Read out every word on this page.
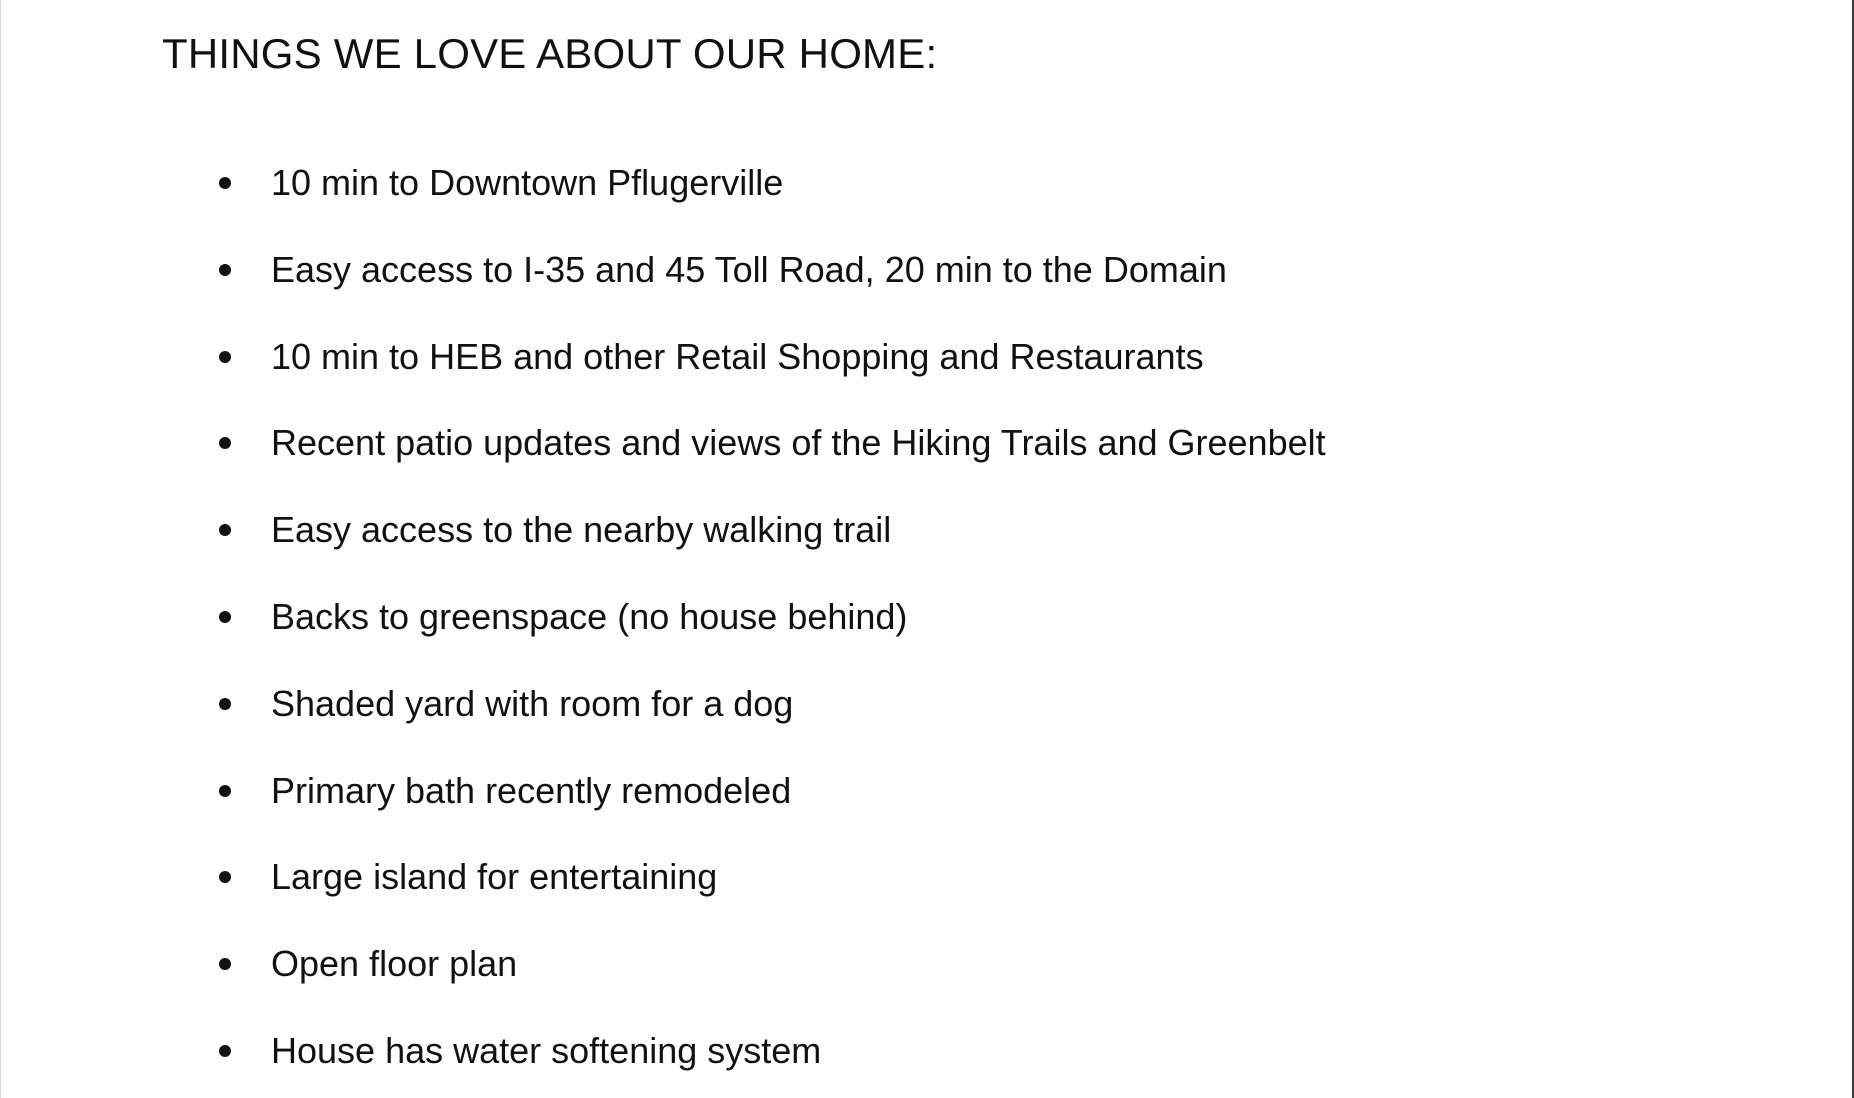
THINGS WE LOVE ABOUT OUR HOME:
10 min to Downtown Pflugerville
Easy access to I-35 and 45 Toll Road, 20 min to the Domain
10 min to HEB and other Retail Shopping and Restaurants
Recent patio updates and views of the Hiking Trails and Greenbelt
Easy access to the nearby walking trail
Backs to greenspace (no house behind)
Shaded yard with room for a dog
Primary bath recently remodeled
Large island for entertaining
Open floor plan
House has water softening system
